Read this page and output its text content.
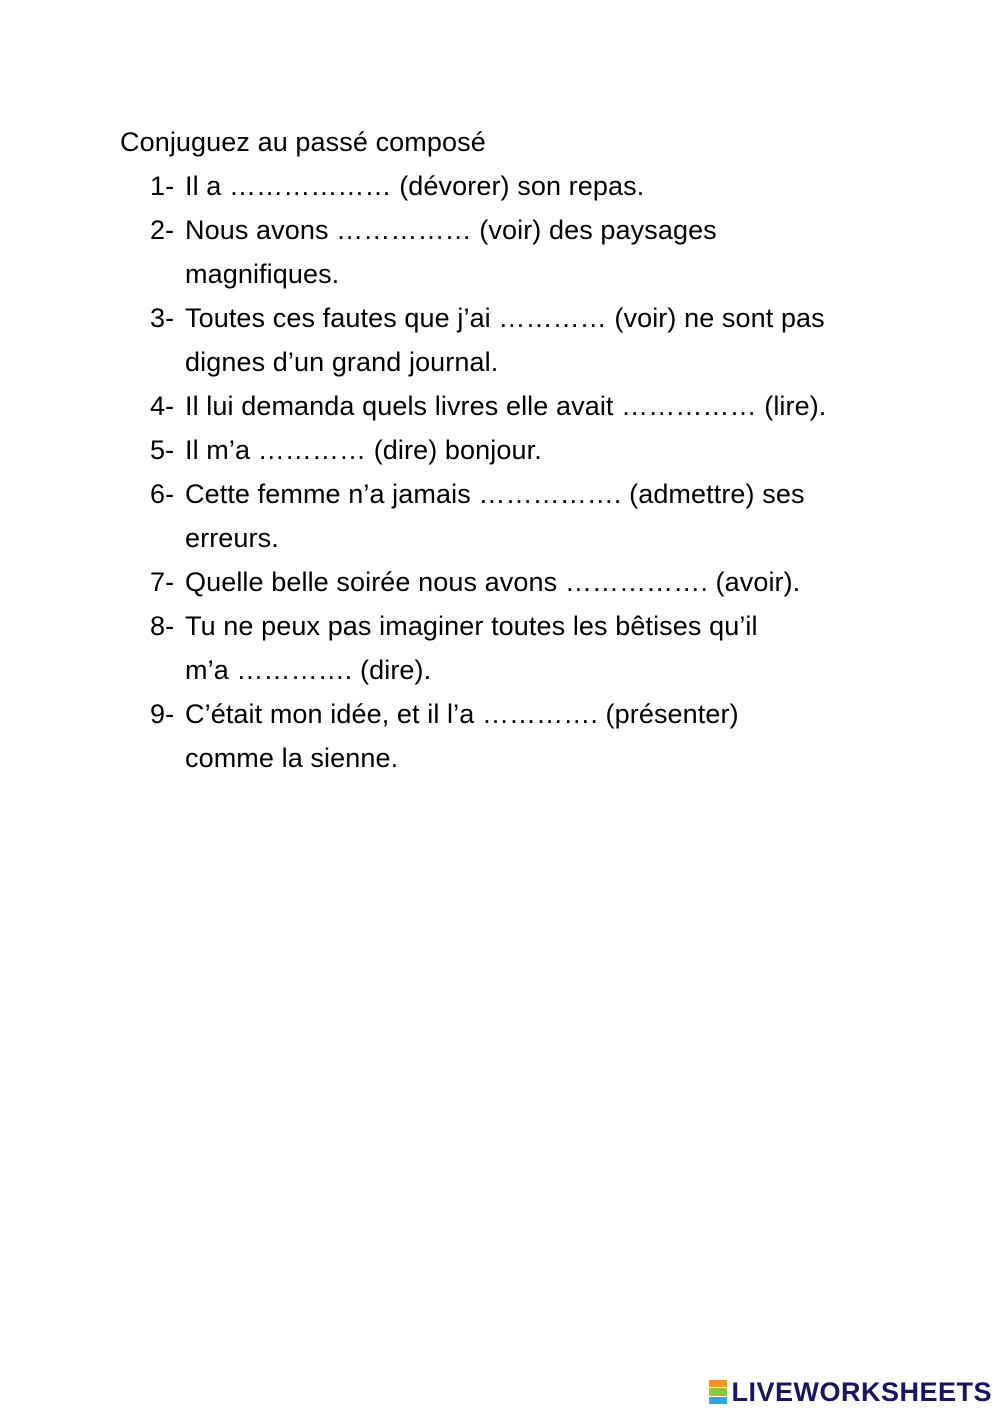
Conjuguez au passé composé
1- Il a ……………… (dévorer) son repas.
2- Nous avons …………… (voir) des paysages
magnifiques.
3- Toutes ces fautes que j’ai ………… (voir) ne sont pas
dignes d’un grand journal.
4- Il lui demanda quels livres elle avait …………… (lire).
5- Il m’a ………… (dire) bonjour.
6- Cette femme n’a jamais ……………. (admettre) ses
erreurs.
7- Quelle belle soirée nous avons ……………. (avoir).
8- Tu ne peux pas imaginer toutes les bêtises qu’il
m’a …………. (dire).
9- C’était mon idée, et il l’a …………. (présenter)
comme la sienne.
LIVEWORKSHEETS
